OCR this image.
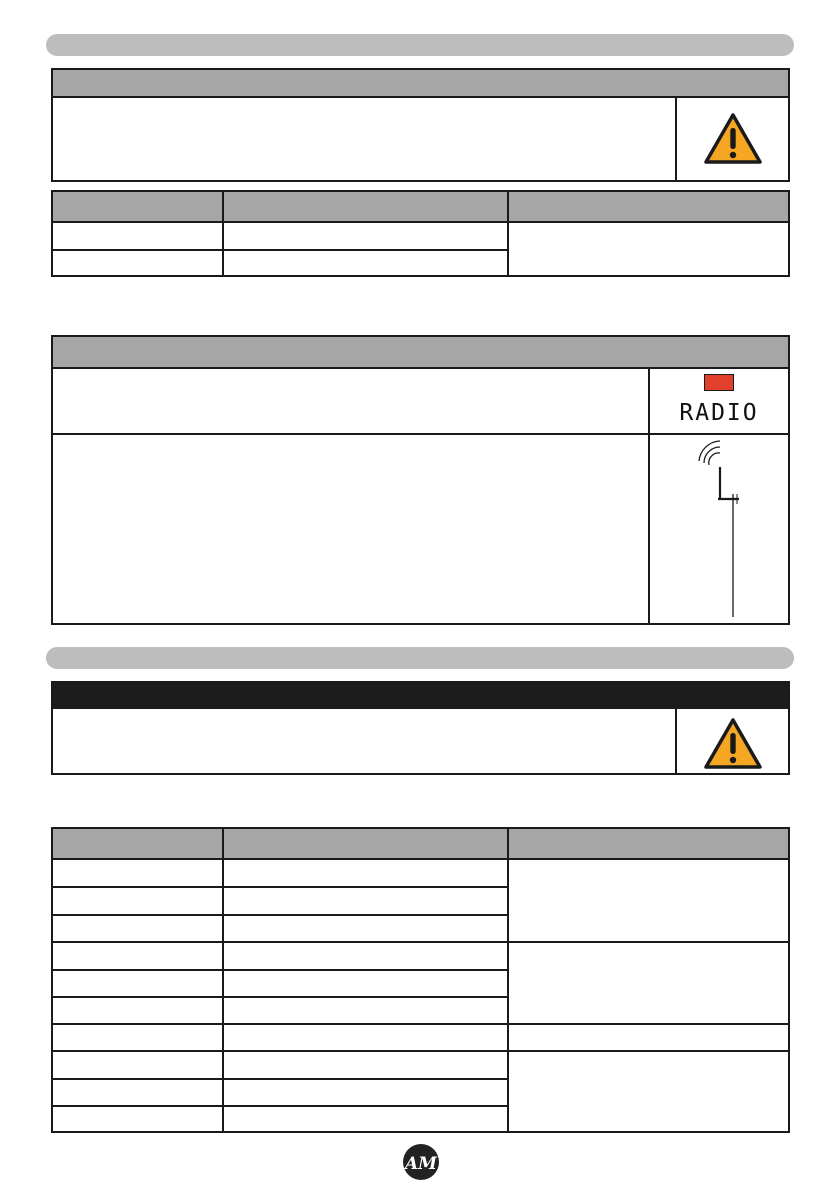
RADIO
AM
